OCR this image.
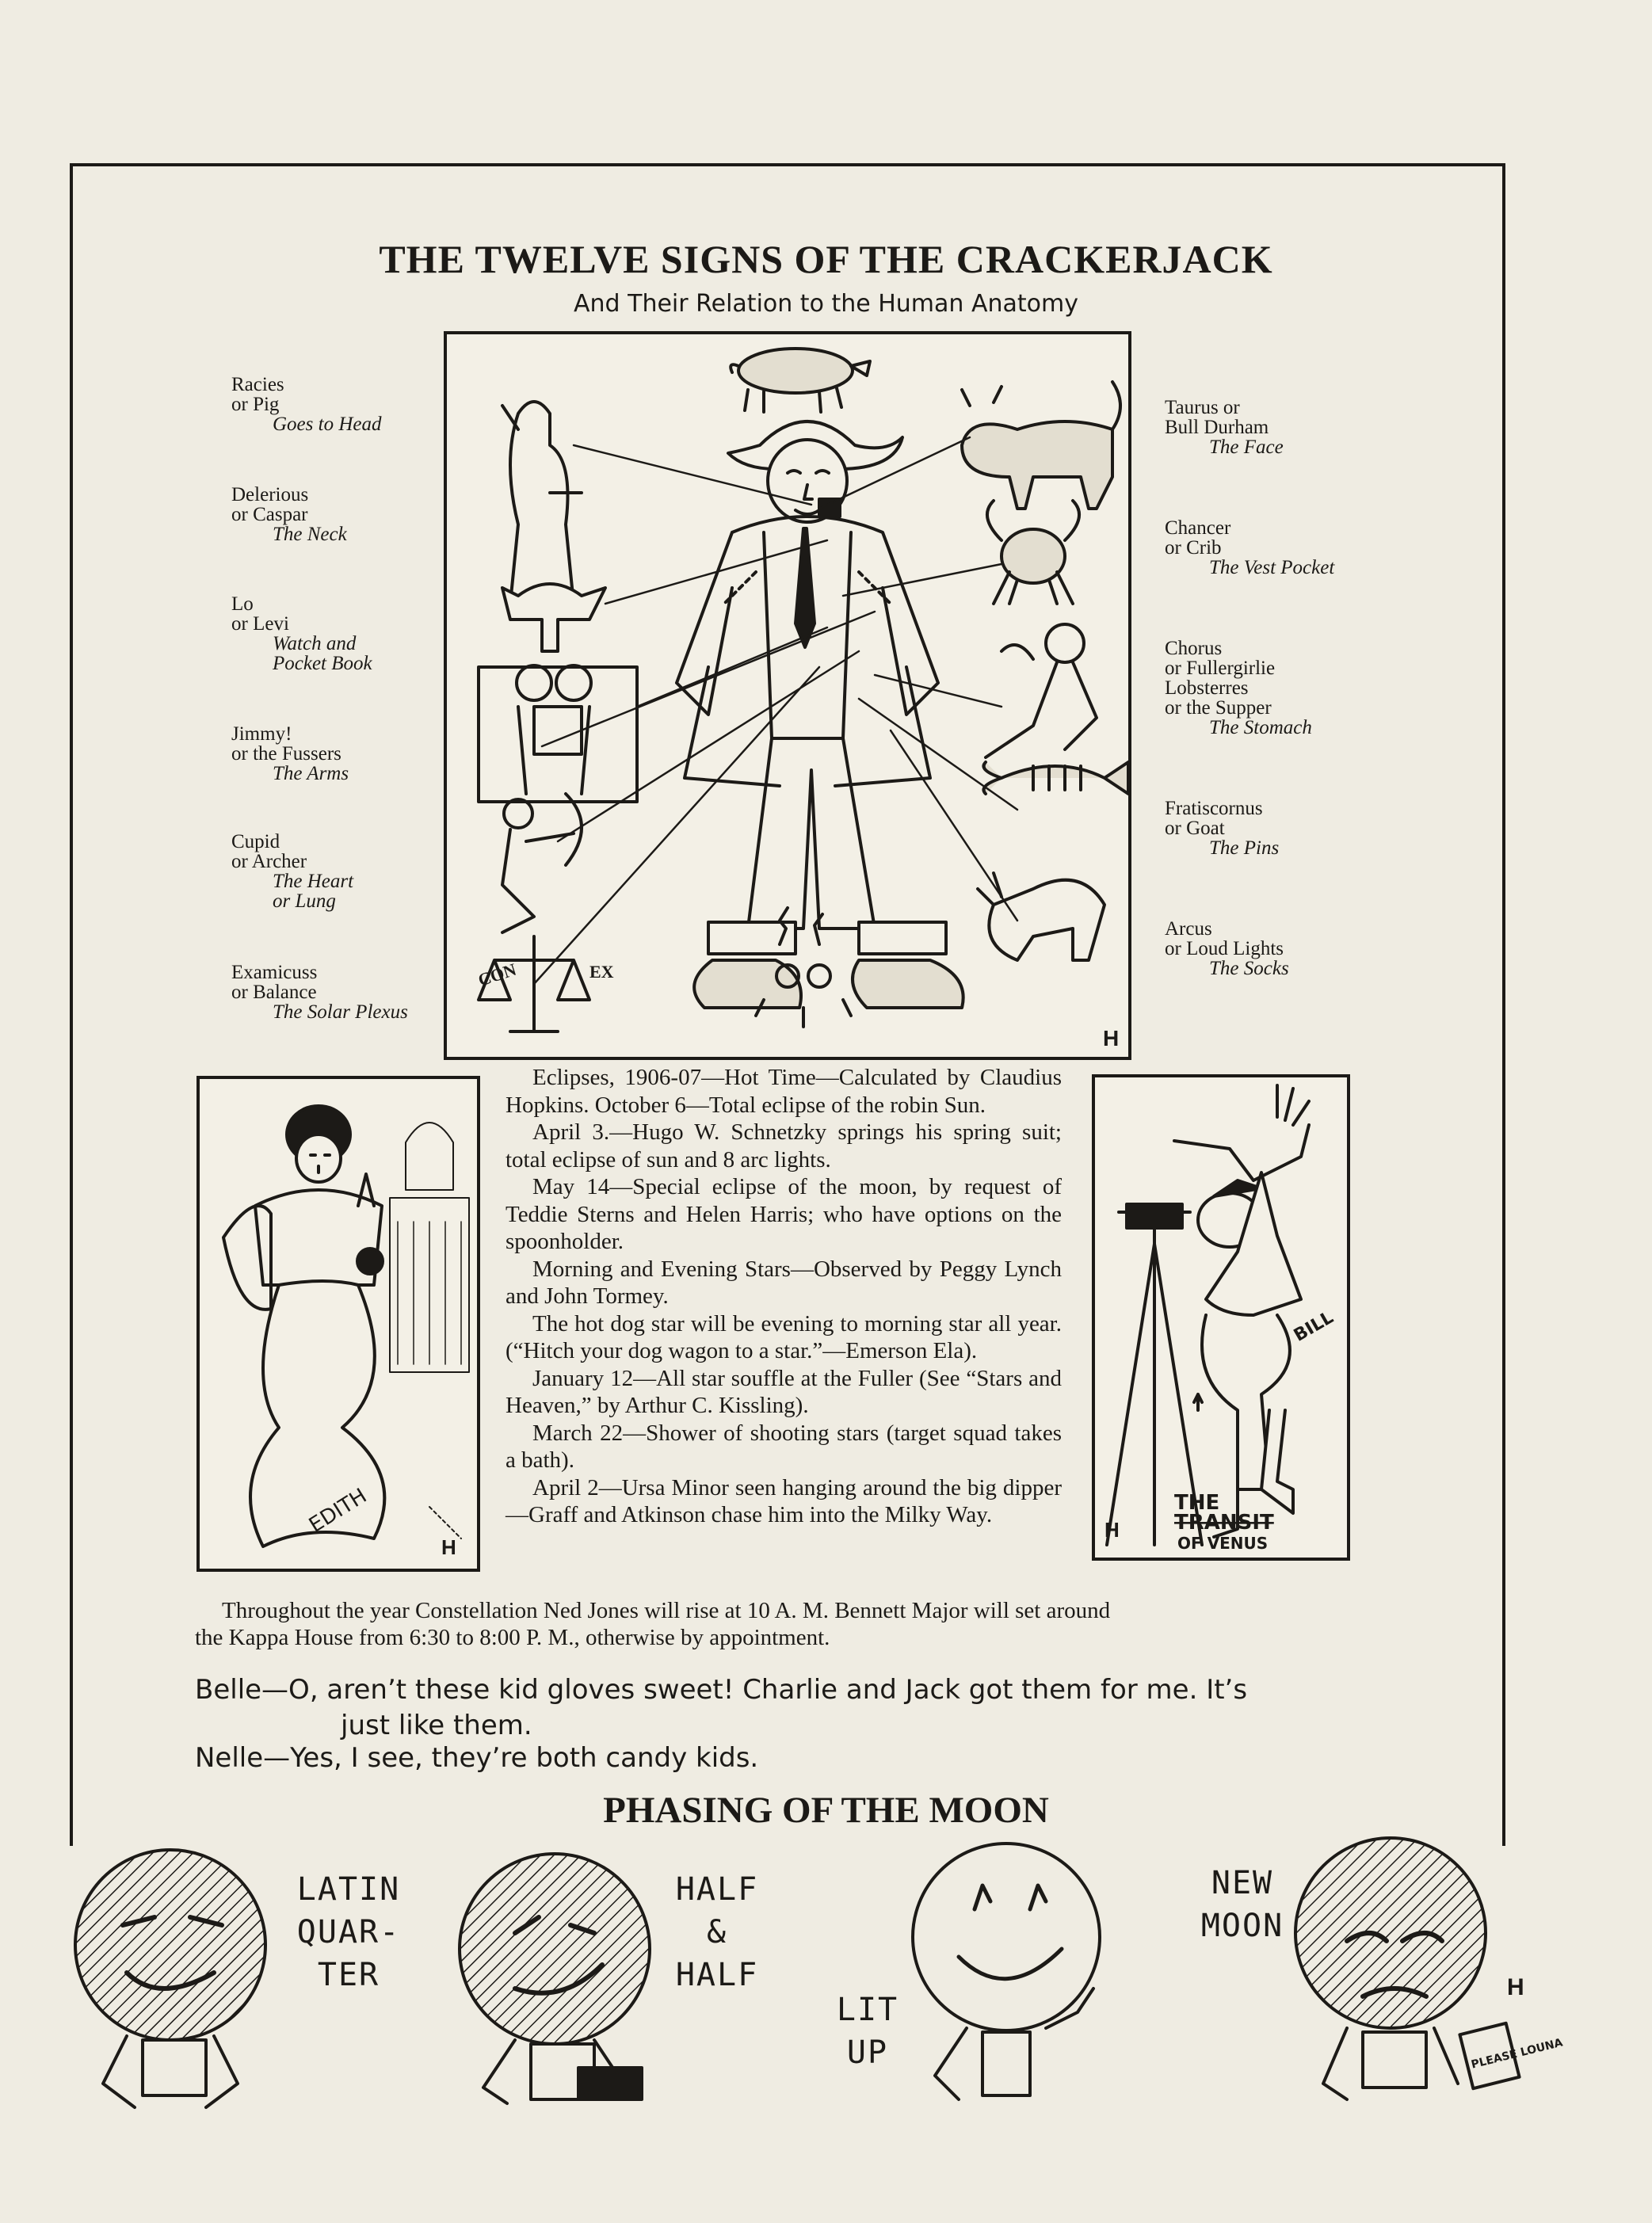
THE TWELVE SIGNS OF THE CRACKERJACK
And Their Relation to the Human Anatomy
Racies
or Pig
Goes to Head
Delerious
or Caspar
The Neck
Lo
or Levi
Watch and
Pocket Book
Jimmy!
or the Fussers
The Arms
Cupid
or Archer
The Heart
or Lung
Examicuss
or Balance
The Solar Plexus
Taurus or
Bull Durham
The Face
Chancer
or Crib
The Vest Pocket
Chorus
or Fullergirlie
Lobsterres
or the Supper
The Stomach
Fratiscornus
or Goat
The Pins
Arcus
or Loud Lights
The Socks
CON	EX
H
EDITH
H

Eclipses, 1906-07—Hot Time—Calculated by Claudius Hopkins. October 6—Total eclipse of the robin Sun.

April 3.—Hugo W. Schnetzky springs his spring suit; total eclipse of sun and 8 arc lights.

May 14—Special eclipse of the moon, by request of Teddie Sterns and Helen Harris; who have options on the spoonholder.

Morning and Evening Stars—Observed by Peggy Lynch and John Tormey.

The hot dog star will be evening to morning star all year. (“Hitch your dog wagon to a star.”—Emerson Ela).

January 12—All star souffle at the Fuller (See “Stars and Heaven,” by Arthur C. Kissling).

March 22—Shower of shooting stars (target squad takes a bath).

April 2—Ursa Minor seen hanging around the big dipper—Graff and Atkinson chase him into the Milky Way.

BILL
THE
TRANSIT
OF VENUS
H
Throughout the year Constellation Ned Jones will rise at 10 A. M. Bennett Major will set around
the Kappa House from 6:30 to 8:00 P. M., otherwise by appointment.
Belle—O, aren’t these kid gloves sweet! Charlie and Jack got them for me. It’s
just like them.
Nelle—Yes, I see, they’re both candy kids.
PHASING OF THE MOON
H
PLEASE LOUNA
LATIN
QUAR-
TER
HALF
&
HALF
LIT
UP
NEW
MOON
